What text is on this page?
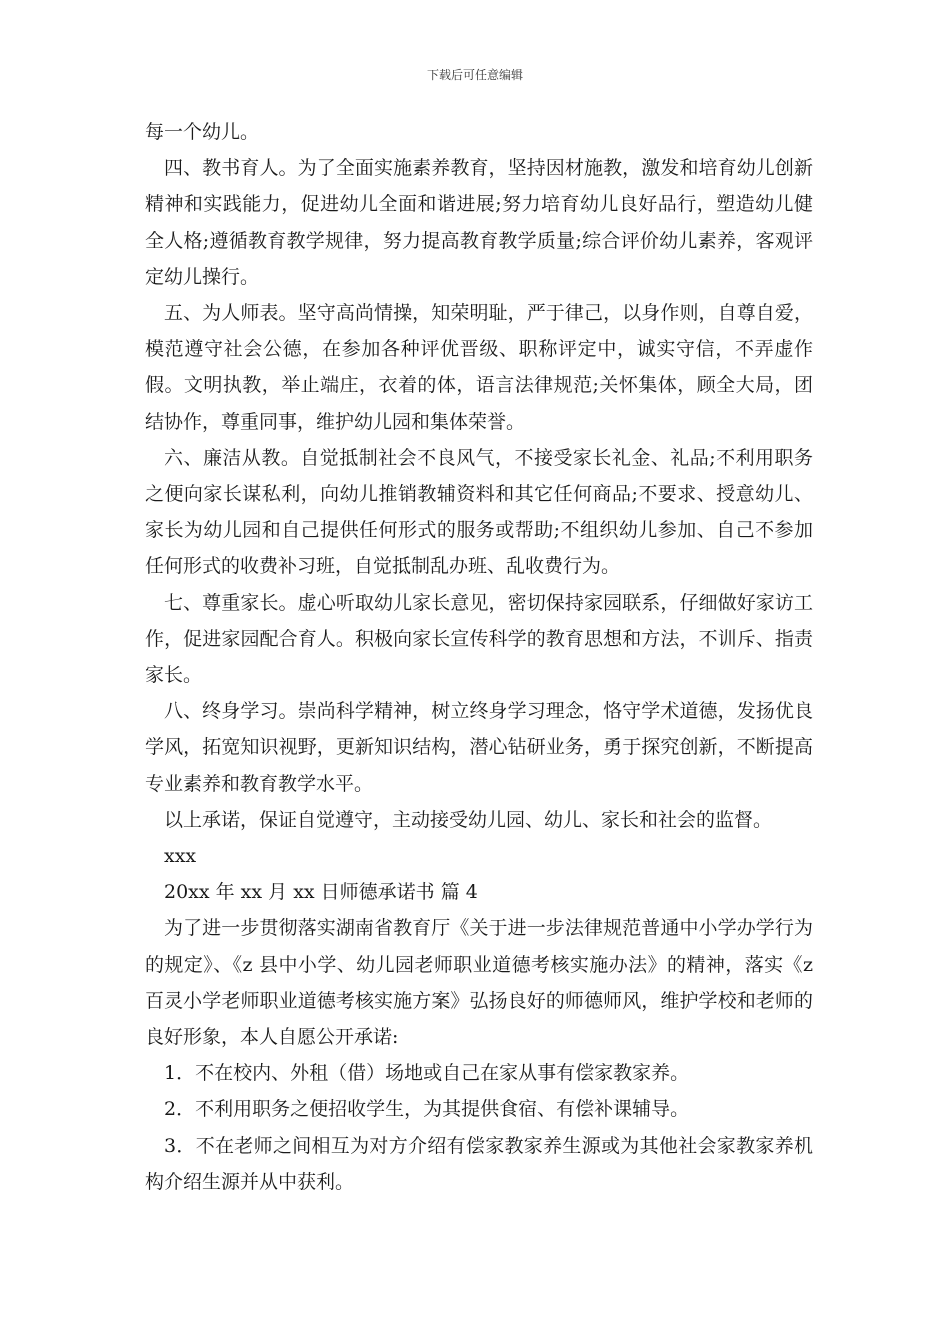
下载后可任意编辑

每一个幼儿。

四、教书育人。为了全面实施素养教育，坚持因材施教，激发和培育幼儿创新精神和实践能力，促进幼儿全面和谐进展;努力培育幼儿良好品行，塑造幼儿健全人格;遵循教育教学规律，努力提高教育教学质量;综合评价幼儿素养，客观评定幼儿操行。

五、为人师表。坚守高尚情操，知荣明耻，严于律己，以身作则，自尊自爱，模范遵守社会公德，在参加各种评优晋级、职称评定中，诚实守信，不弄虚作假。文明执教，举止端庄，衣着的体，语言法律规范;关怀集体，顾全大局，团结协作，尊重同事，维护幼儿园和集体荣誉。

六、廉洁从教。自觉抵制社会不良风气，不接受家长礼金、礼品;不利用职务之便向家长谋私利，向幼儿推销教辅资料和其它任何商品;不要求、授意幼儿、家长为幼儿园和自己提供任何形式的服务或帮助;不组织幼儿参加、自己不参加任何形式的收费补习班，自觉抵制乱办班、乱收费行为。

七、尊重家长。虚心听取幼儿家长意见，密切保持家园联系，仔细做好家访工作，促进家园配合育人。积极向家长宣传科学的教育思想和方法，不训斥、指责家长。

八、终身学习。崇尚科学精神，树立终身学习理念，恪守学术道德，发扬优良学风，拓宽知识视野，更新知识结构，潜心钻研业务，勇于探究创新，不断提高专业素养和教育教学水平。

以上承诺，保证自觉遵守，主动接受幼儿园、幼儿、家长和社会的监督。

xxx

20xx 年 xx 月 xx 日师德承诺书 篇 4

为了进一步贯彻落实湖南省教育厅《关于进一步法律规范普通中小学办学行为的规定》、《z 县中小学、幼儿园老师职业道德考核实施办法》的精神，落实《z 百灵小学老师职业道德考核实施方案》弘扬良好的师德师风，维护学校和老师的良好形象，本人自愿公开承诺:

1．不在校内、外租（借）场地或自己在家从事有偿家教家养。

2．不利用职务之便招收学生，为其提供食宿、有偿补课辅导。

3．不在老师之间相互为对方介绍有偿家教家养生源或为其他社会家教家养机构介绍生源并从中获利。
